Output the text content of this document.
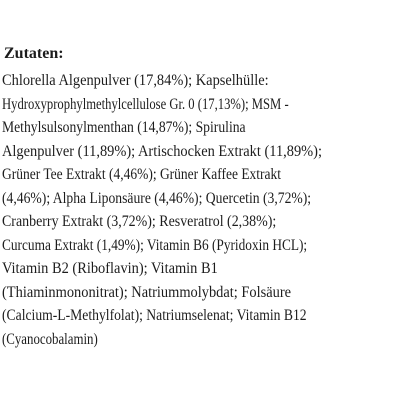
Zutaten:
Chlorella Algenpulver (17,84%); Kapselhülle:
Hydroxyprophylmethylcellulose Gr. 0 (17,13%); MSM -
Methylsulsonylmenthan (14,87%); Spirulina
Algenpulver (11,89%); Artischocken Extrakt (11,89%);
Grüner Tee Extrakt (4,46%); Grüner Kaffee Extrakt
(4,46%); Alpha Liponsäure (4,46%); Quercetin (3,72%);
Cranberry Extrakt (3,72%); Resveratrol (2,38%);
Curcuma Extrakt (1,49%); Vitamin B6 (Pyridoxin HCL);
Vitamin B2 (Riboflavin); Vitamin B1
(Thiaminmononitrat); Natriummolybdat; Folsäure
(Calcium-L-Methylfolat); Natriumselenat; Vitamin B12
(Cyanocobalamin)
